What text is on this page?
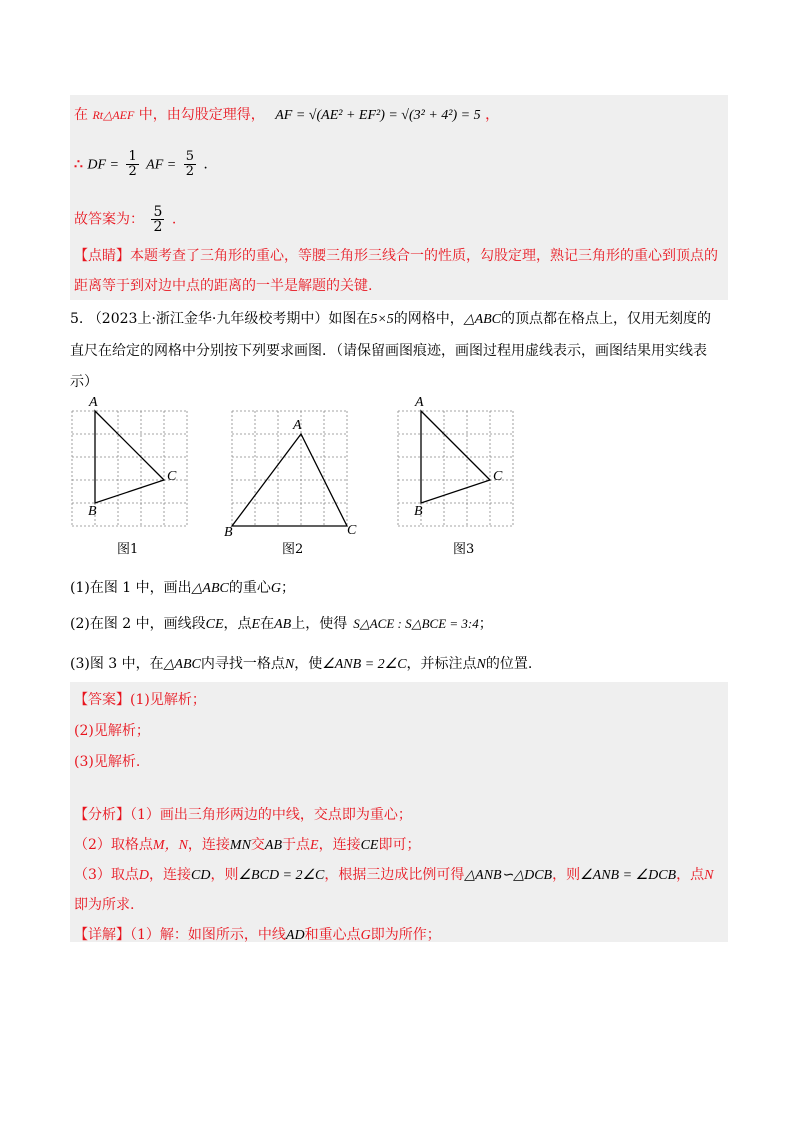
在 Rt△AEF 中，由勾股定理得， AF = √(AE² + EF²) = √(3² + 4²) = 5 ，
∴ DF = $\frac{1}{2}$ AF = $\frac{5}{2}$ .
故答案为： $\frac{5}{2}$ .
【点睛】本题考查了三角形的重心，等腰三角形三线合一的性质，勾股定理，熟记三角形的重心到顶点的
距离等于到对边中点的距离的一半是解题的关键.
5. （2023上·浙江金华·九年级校考期中）如图在5×5的网格中，△ABC的顶点都在格点上，仅用无刻度的
直尺在给定的网格中分别按下列要求画图．（请保留画图痕迹，画图过程用虚线表示，画图结果用实线表
示）
A
B
C
图1
A
B	C
图2
A
B
C
图3
(1)在图 1 中，画出△ABC的重心G；
(2)在图 2 中，画线段CE，点E在AB上，使得 S△ACE : S△BCE = 3:4；
(3)图 3 中，在△ABC内寻找一格点N，使∠ANB = 2∠C，并标注点N的位置.
【答案】(1)见解析；
(2)见解析；
(3)见解析.
【分析】（1）画出三角形两边的中线，交点即为重心；
（2）取格点M，N，连接MN交AB于点E，连接CE即可；
（3）取点D，连接CD，则∠BCD = 2∠C，根据三边成比例可得△ANB∽△DCB，则∠ANB = ∠DCB，点N
即为所求.
【详解】（1）解：如图所示，中线AD和重心点G即为所作；
